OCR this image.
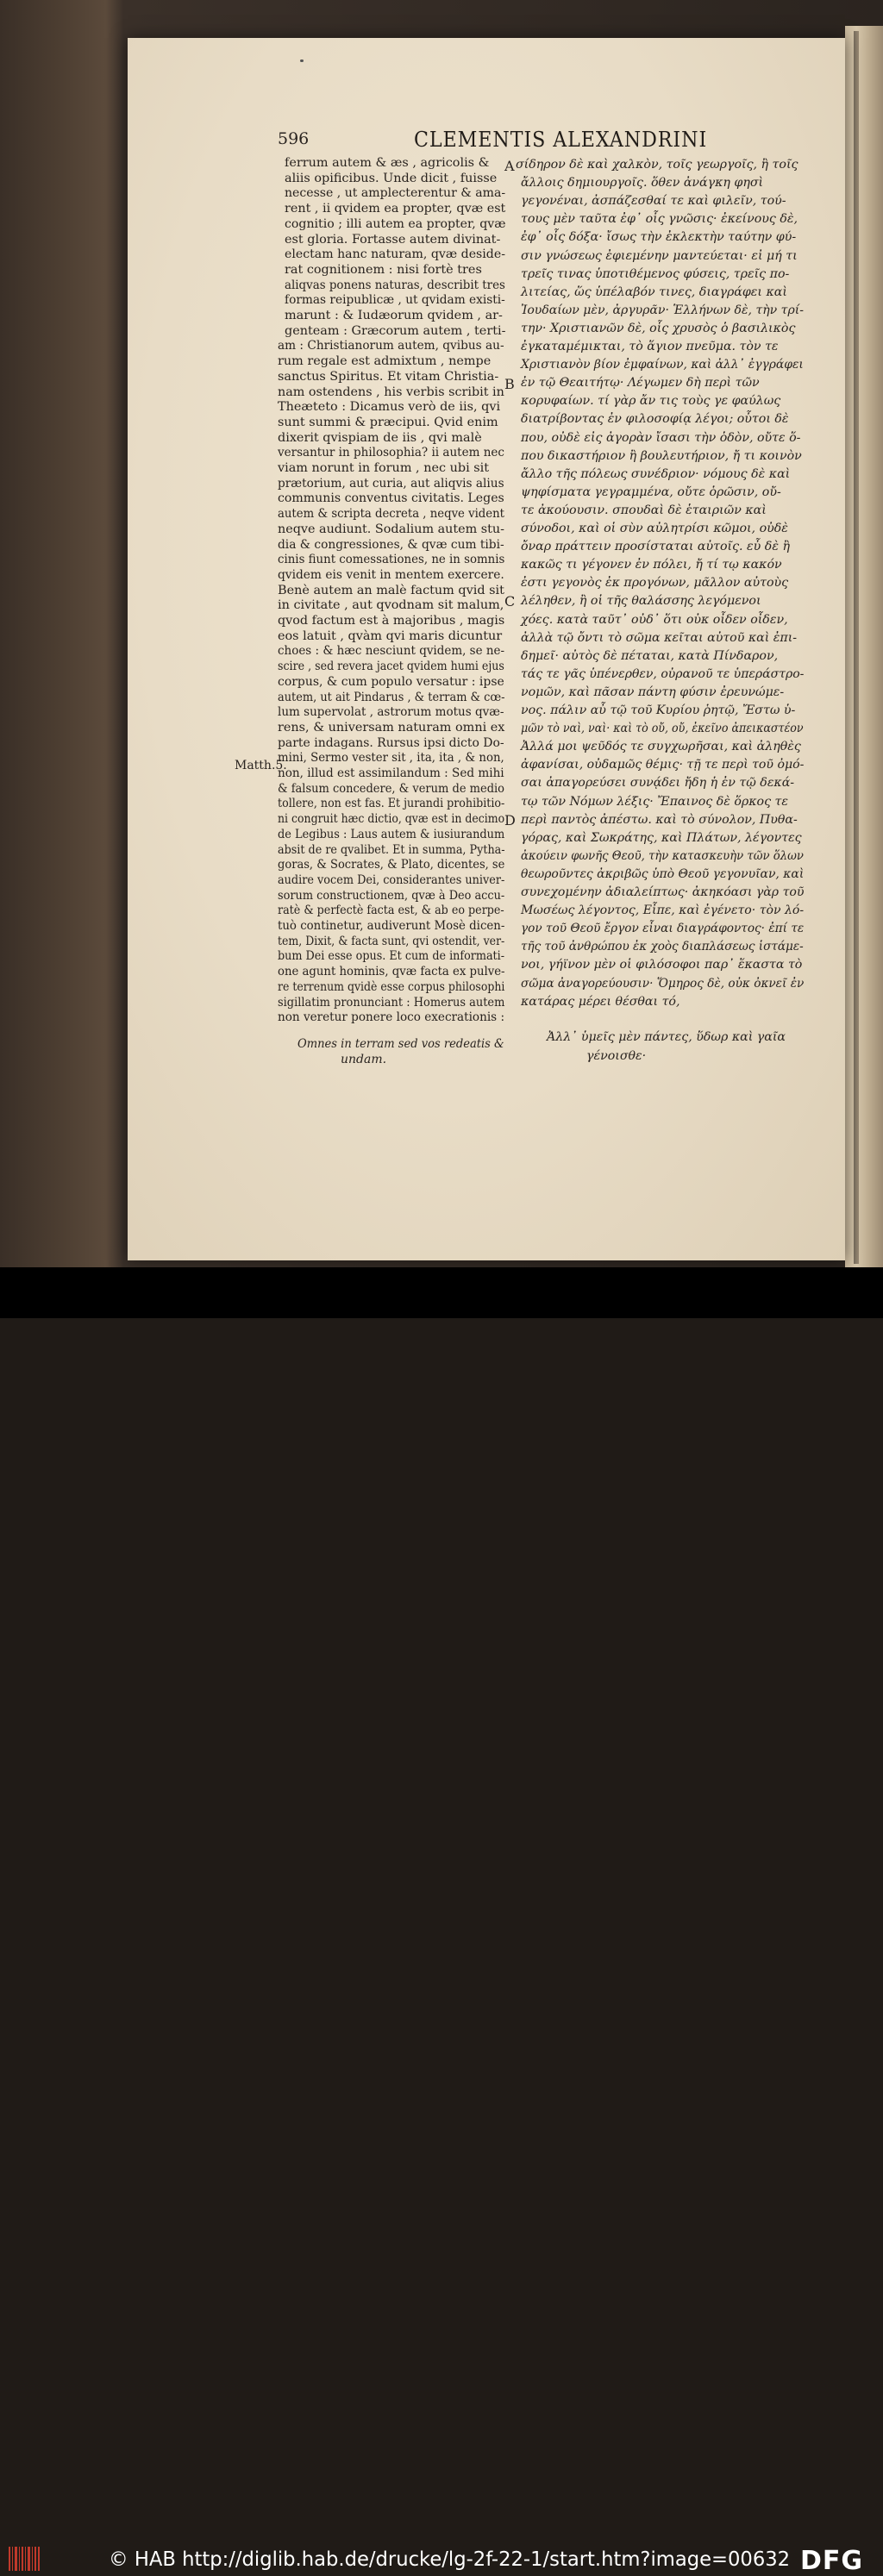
596	CLEMENTIS ALEXANDRINI
ferrum autem & æs , agricolis &
aliis opificibus. Unde dicit , fuisse
necesse , ut amplecterentur & ama-
rent , ii qvidem ea propter, qvæ est
cognitio ; illi autem ea propter, qvæ
est gloria. Fortasse autem divinat-
electam hanc naturam, qvæ deside-
rat cognitionem : nisi fortè tres
aliqvas ponens naturas, describit tres
formas reipublicæ , ut qvidam existi-
marunt : & Iudæorum qvidem , ar-
genteam : Græcorum autem , terti-
am : Christianorum autem, qvibus au-
rum regale est admixtum , nempe
sanctus Spiritus. Et vitam Christia-
nam ostendens , his verbis scribit in
Theæteto : Dicamus verò de iis, qvi
sunt summi & præcipui. Qvid enim
dixerit qvispiam de iis , qvi malè
versantur in philosophia? ii autem nec
viam norunt in forum , nec ubi sit
prætorium, aut curia, aut aliqvis alius
communis conventus civitatis. Leges
autem & scripta decreta , neqve vident
neqve audiunt. Sodalium autem stu-
dia & congressiones, & qvæ cum tibi-
cinis fiunt comessationes, ne in somnis
qvidem eis venit in mentem exercere.
Benè autem an malè factum qvid sit
in civitate , aut qvodnam sit malum,
qvod factum est à majoribus , magis
eos latuit , qvàm qvi maris dicuntur
choes : & hæc nesciunt qvidem, se ne-
scire , sed revera jacet qvidem humi ejus
corpus, & cum populo versatur : ipse
autem, ut ait Pindarus , & terram & cœ-
lum supervolat , astrorum motus qvæ-
rens, & universam naturam omni ex
parte indagans. Rursus ipsi dicto Do-
mini, Sermo vester sit , ita, ita , & non,
non, illud est assimilandum : Sed mihi
& falsum concedere, & verum de medio
tollere, non est fas. Et jurandi prohibitio-
ni congruit hæc dictio, qvæ est in decimo
de Legibus : Laus autem & iusiurandum
absit de re qvalibet. Et in summa, Pytha-
goras, & Socrates, & Plato, dicentes, se
audire vocem Dei, considerantes univer-
sorum constructionem, qvæ à Deo accu-
ratè & perfectè facta est, & ab eo perpe-
tuò continetur, audiverunt Mosè dicen-
tem, Dixit, & facta sunt, qvi ostendit, ver-
bum Dei esse opus. Et cum de informati-
one agunt hominis, qvæ facta ex pulve-
re terrenum qvidè esse corpus philosophi
sigillatim pronunciant : Homerus autem
non veretur ponere loco execrationis :
Omnes in terram sed vos redeatis &
undam.
σίδηρον δὲ καὶ χαλκὸν, τοῖς γεωργοῖς, ἢ τοῖς
ἄλλοις δημιουργοῖς. ὅθεν ἀνάγκη φησὶ
γεγονέναι, ἀσπάζεσθαί τε καὶ φιλεῖν, τού-
τους μὲν ταῦτα ἐφ᾽ οἷς γνῶσις· ἐκείνους δὲ,
ἐφ᾽ οἷς δόξα· ἴσως τὴν ἐκλεκτὴν ταύτην φύ-
σιν γνώσεως ἐφιεμένην μαντεύεται· εἰ μή τι
τρεῖς τινας ὑποτιθέμενος φύσεις, τρεῖς πο-
λιτείας, ὥς ὑπέλαβόν τινες, διαγράφει καὶ
Ἰουδαίων μὲν, ἀργυρᾶν· Ἑλλήνων δὲ, τὴν τρί-
την· Χριστιανῶν δὲ, οἷς χρυσὸς ὁ βασιλικὸς
ἐγκαταμέμικται, τὸ ἅγιον πνεῦμα. τὸν τε
Χριστιανὸν βίον ἐμφαίνων, καὶ ἀλλ᾽ ἐγγράφει
ἐν τῷ Θεαιτήτῳ· Λέγωμεν δὴ περὶ τῶν
κορυφαίων. τί γὰρ ἄν τις τοὺς γε φαύλως
διατρίβοντας ἐν φιλοσοφίᾳ λέγοι; οὗτοι δὲ
που, οὐδὲ εἰς ἀγορὰν ἴσασι τὴν ὁδὸν, οὔτε ὅ-
που δικαστήριον ἢ βουλευτήριον, ἤ τι κοινὸν
ἄλλο τῆς πόλεως συνέδριον· νόμους δὲ καὶ
ψηφίσματα γεγραμμένα, οὔτε ὁρῶσιν, οὔ-
τε ἀκούουσιν. σπουδαὶ δὲ ἑταιριῶν καὶ
σύνοδοι, καὶ οἱ σὺν αὐλητρίσι κῶμοι, οὐδὲ
ὄναρ πράττειν προσίσταται αὐτοῖς. εὖ δὲ ἢ
κακῶς τι γέγονεν ἐν πόλει, ἤ τί τῳ κακόν
ἐστι γεγονὸς ἐκ προγόνων, μᾶλλον αὐτοὺς
λέληθεν, ἢ οἱ τῆς θαλάσσης λεγόμενοι
χόες. κατὰ ταῦτ᾽ οὐδ᾽ ὅτι οὐκ οἶδεν οἶδεν,
ἀλλὰ τῷ ὄντι τὸ σῶμα κεῖται αὐτοῦ καὶ ἐπι-
δημεῖ· αὐτὸς δὲ πέταται, κατὰ Πίνδαρον,
τάς τε γᾶς ὑπένερθεν, οὐρανοῦ τε ὑπεράστρο-
νομῶν, καὶ πᾶσαν πάντη φύσιν ἐρευνώμε-
νος. πάλιν αὖ τῷ τοῦ Κυρίου ῥητῷ, Ἔστω ὑ-
μῶν τὸ ναὶ, ναὶ· καὶ τὸ οὔ, οὔ, ἐκεῖνο ἀπεικαστέον
Ἀλλά μοι ψεῦδός τε συγχωρῆσαι, καὶ ἀληθὲς
ἀφανίσαι, οὐδαμῶς θέμις· τῇ τε περὶ τοῦ ὀμό-
σαι ἀπαγορεύσει συνᾴδει ἤδη ἡ ἐν τῷ δεκά-
τῳ τῶν Νόμων λέξις· Ἔπαινος δὲ ὅρκος τε
περὶ παντὸς ἀπέστω. καὶ τὸ σύνολον, Πυθα-
γόρας, καὶ Σωκράτης, καὶ Πλάτων, λέγοντες
ἀκούειν φωνῆς Θεοῦ, τὴν κατασκευὴν τῶν ὅλων
θεωροῦντες ἀκριβῶς ὑπὸ Θεοῦ γεγονυῖαν, καὶ
συνεχομένην ἀδιαλείπτως· ἀκηκόασι γὰρ τοῦ
Μωσέως λέγοντος, Εἶπε, καὶ ἐγένετο· τὸν λό-
γον τοῦ Θεοῦ ἔργον εἶναι διαγράφοντος· ἐπί τε
τῆς τοῦ ἀνθρώπου ἐκ χοὸς διαπλάσεως ἱστάμε-
νοι, γήϊνον μὲν οἱ φιλόσοφοι παρ᾽ ἕκαστα τὸ
σῶμα ἀναγορεύουσιν· Ὅμηρος δὲ, οὐκ ὀκνεῖ ἐν
κατάρας μέρει θέσθαι τό,
Ἀλλ᾽ ὑμεῖς μὲν πάντες, ὕδωρ καὶ γαῖα
γένοισθε·
A
B
C
D
Matth.5.
© HAB http://diglib.hab.de/drucke/lg-2f-22-1/start.htm?image=00632 DFG
